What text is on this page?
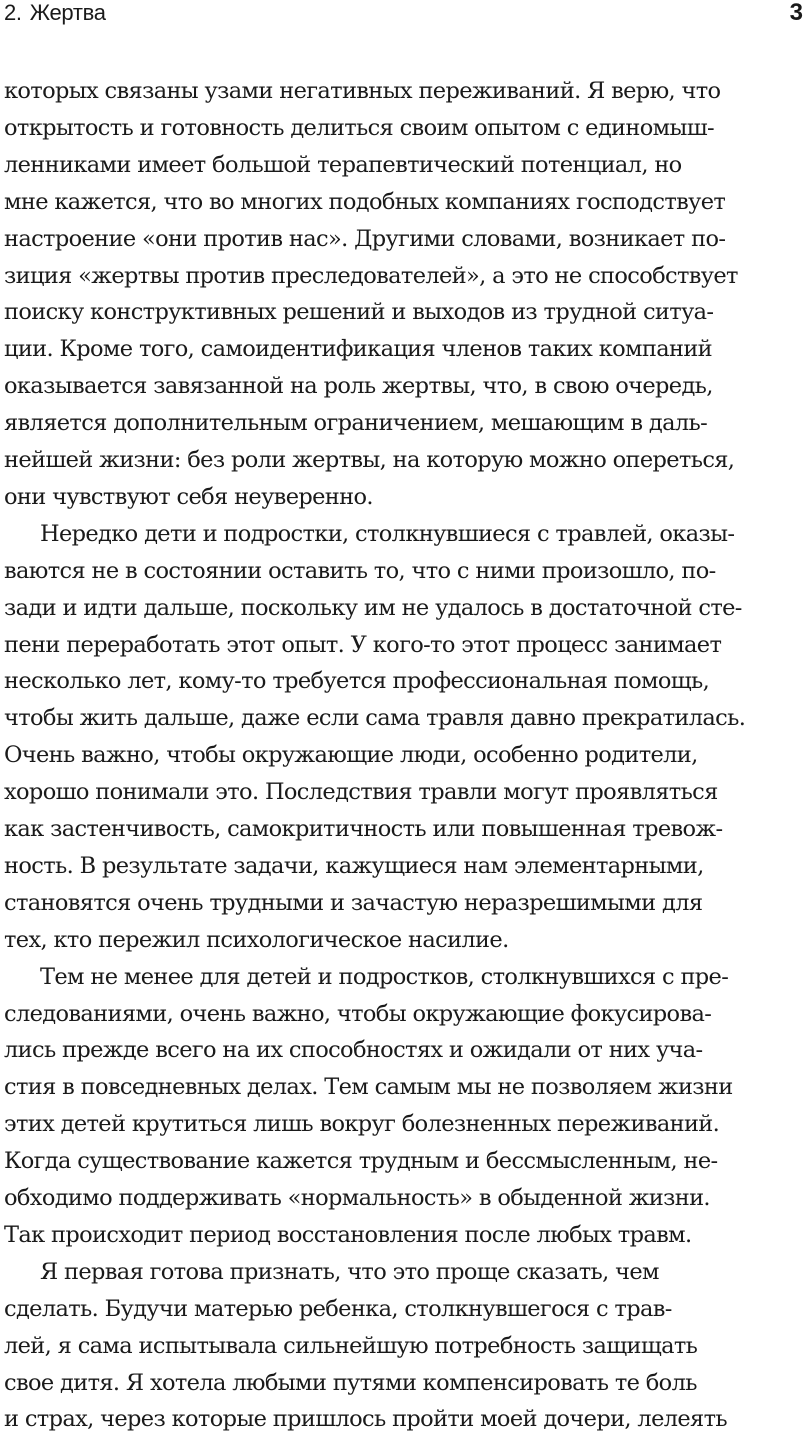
2. Жертва	3
которых связаны узами негативных переживаний. Я верю, что
открытость и готовность делиться своим опытом с единомыш-
ленниками имеет большой терапевтический потенциал, но
мне кажется, что во многих подобных компаниях господствует
настроение «они против нас». Другими словами, возникает по-
зиция «жертвы против преследователей», а это не способствует
поиску конструктивных решений и выходов из трудной ситуа-
ции. Кроме того, самоидентификация членов таких компаний
оказывается завязанной на роль жертвы, что, в свою очередь,
является дополнительным ограничением, мешающим в даль-
нейшей жизни: без роли жертвы, на которую можно опереться,
они чувствуют себя неуверенно.
Нередко дети и подростки, столкнувшиеся с травлей, оказы-
ваются не в состоянии оставить то, что с ними произошло, по-
зади и идти дальше, поскольку им не удалось в достаточной сте-
пени переработать этот опыт. У кого-то этот процесс занимает
несколько лет, кому-то требуется профессиональная помощь,
чтобы жить дальше, даже если сама травля давно прекратилась.
Очень важно, чтобы окружающие люди, особенно родители,
хорошо понимали это. Последствия травли могут проявляться
как застенчивость, самокритичность или повышенная тревож-
ность. В результате задачи, кажущиеся нам элементарными,
становятся очень трудными и зачастую неразрешимыми для
тех, кто пережил психологическое насилие.
Тем не менее для детей и подростков, столкнувшихся с пре-
следованиями, очень важно, чтобы окружающие фокусирова-
лись прежде всего на их способностях и ожидали от них уча-
стия в повседневных делах. Тем самым мы не позволяем жизни
этих детей крутиться лишь вокруг болезненных переживаний.
Когда существование кажется трудным и бессмысленным, не-
обходимо поддерживать «нормальность» в обыденной жизни.
Так происходит период восстановления после любых травм.
Я первая готова признать, что это проще сказать, чем
сделать. Будучи матерью ребенка, столкнувшегося с трав-
лей, я сама испытывала сильнейшую потребность защищать
свое дитя. Я хотела любыми путями компенсировать те боль
и страх, через которые пришлось пройти моей дочери, лелеять
